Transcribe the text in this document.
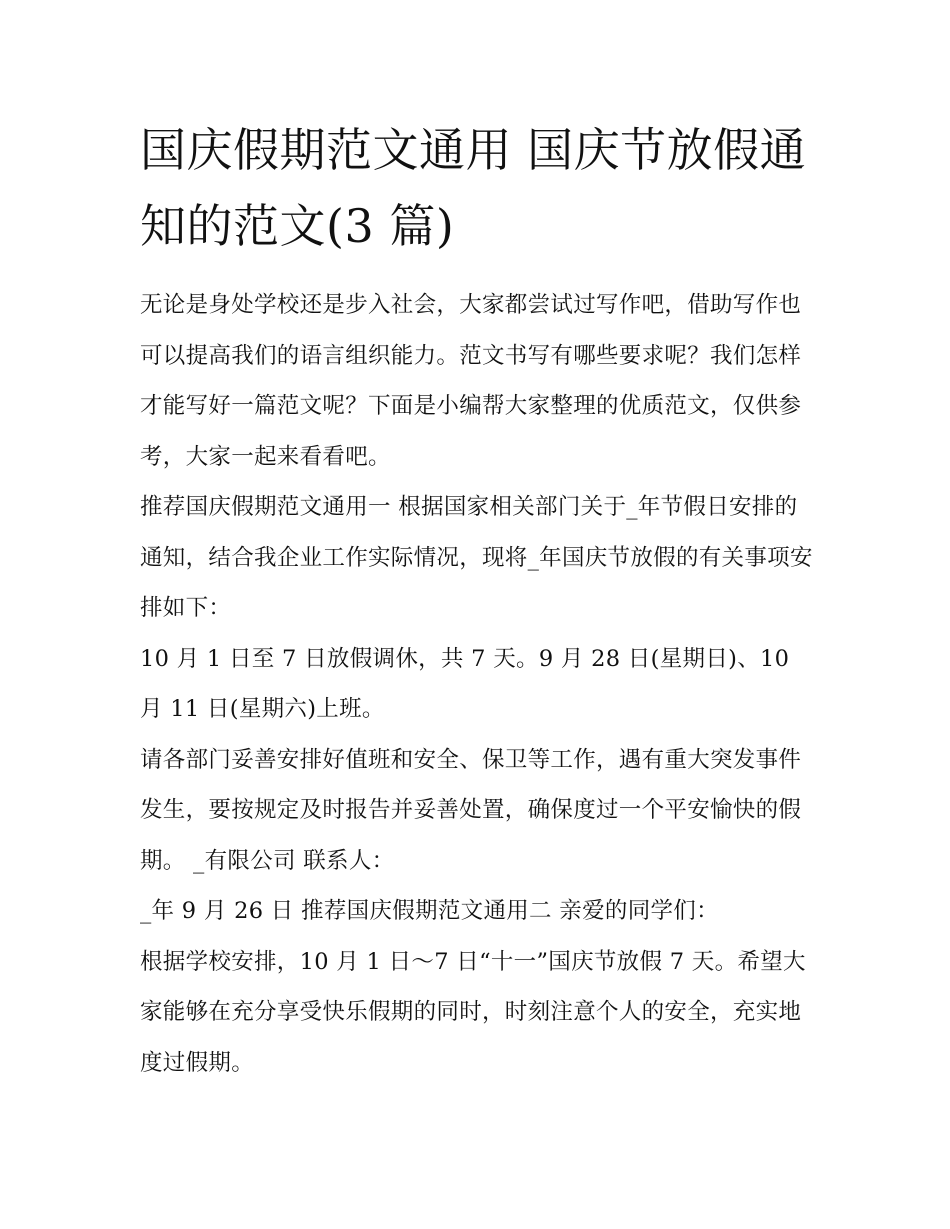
国庆假期范文通用 国庆节放假通知的范文(3 篇)

无论是身处学校还是步入社会，大家都尝试过写作吧，借助写作也可以提高我们的语言组织能力。范文书写有哪些要求呢？我们怎样才能写好一篇范文呢？下面是小编帮大家整理的优质范文，仅供参考，大家一起来看看吧。

推荐国庆假期范文通用一 根据国家相关部门关于_年节假日安排的通知，结合我企业工作实际情况，现将_年国庆节放假的有关事项安排如下：

10 月 1 日至 7 日放假调休，共 7 天。9 月 28 日(星期日)、10 月 11 日(星期六)上班。

请各部门妥善安排好值班和安全、保卫等工作，遇有重大突发事件发生，要按规定及时报告并妥善处置，确保度过一个平安愉快的假期。 _有限公司 联系人：

_年 9 月 26 日 推荐国庆假期范文通用二 亲爱的同学们：

根据学校安排，10 月 1 日～7 日“十一”国庆节放假 7 天。希望大家能够在充分享受快乐假期的同时，时刻注意个人的安全，充实地度过假期。
